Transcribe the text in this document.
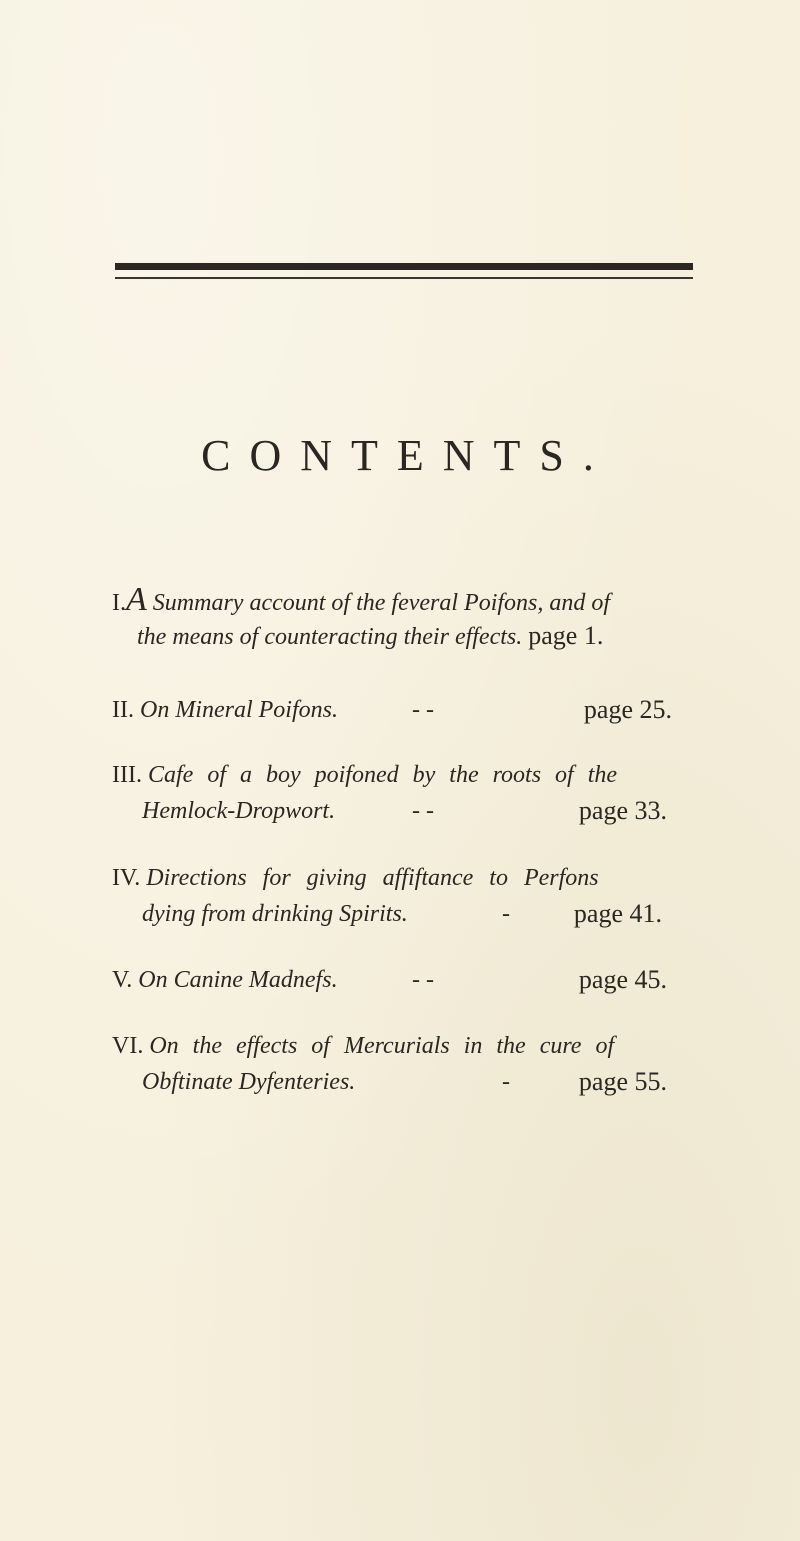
CONTENTS.
I.A Summary account of the feveral Poifons, and of
the means of counteracting their effects. page 1.
II. On Mineral Poifons.	- -	page 25.
III. Cafe of a boy poifoned by the roots of the
Hemlock-Dropwort.	- -	page 33.
IV. Directions for giving affiftance to Perfons
dying from drinking Spirits.	- page 41.
V. On Canine Madnefs.	- -	page 45.
VI. On the effects of Mercurials in the cure of
Obftinate Dyfenteries.	-	page 55.
